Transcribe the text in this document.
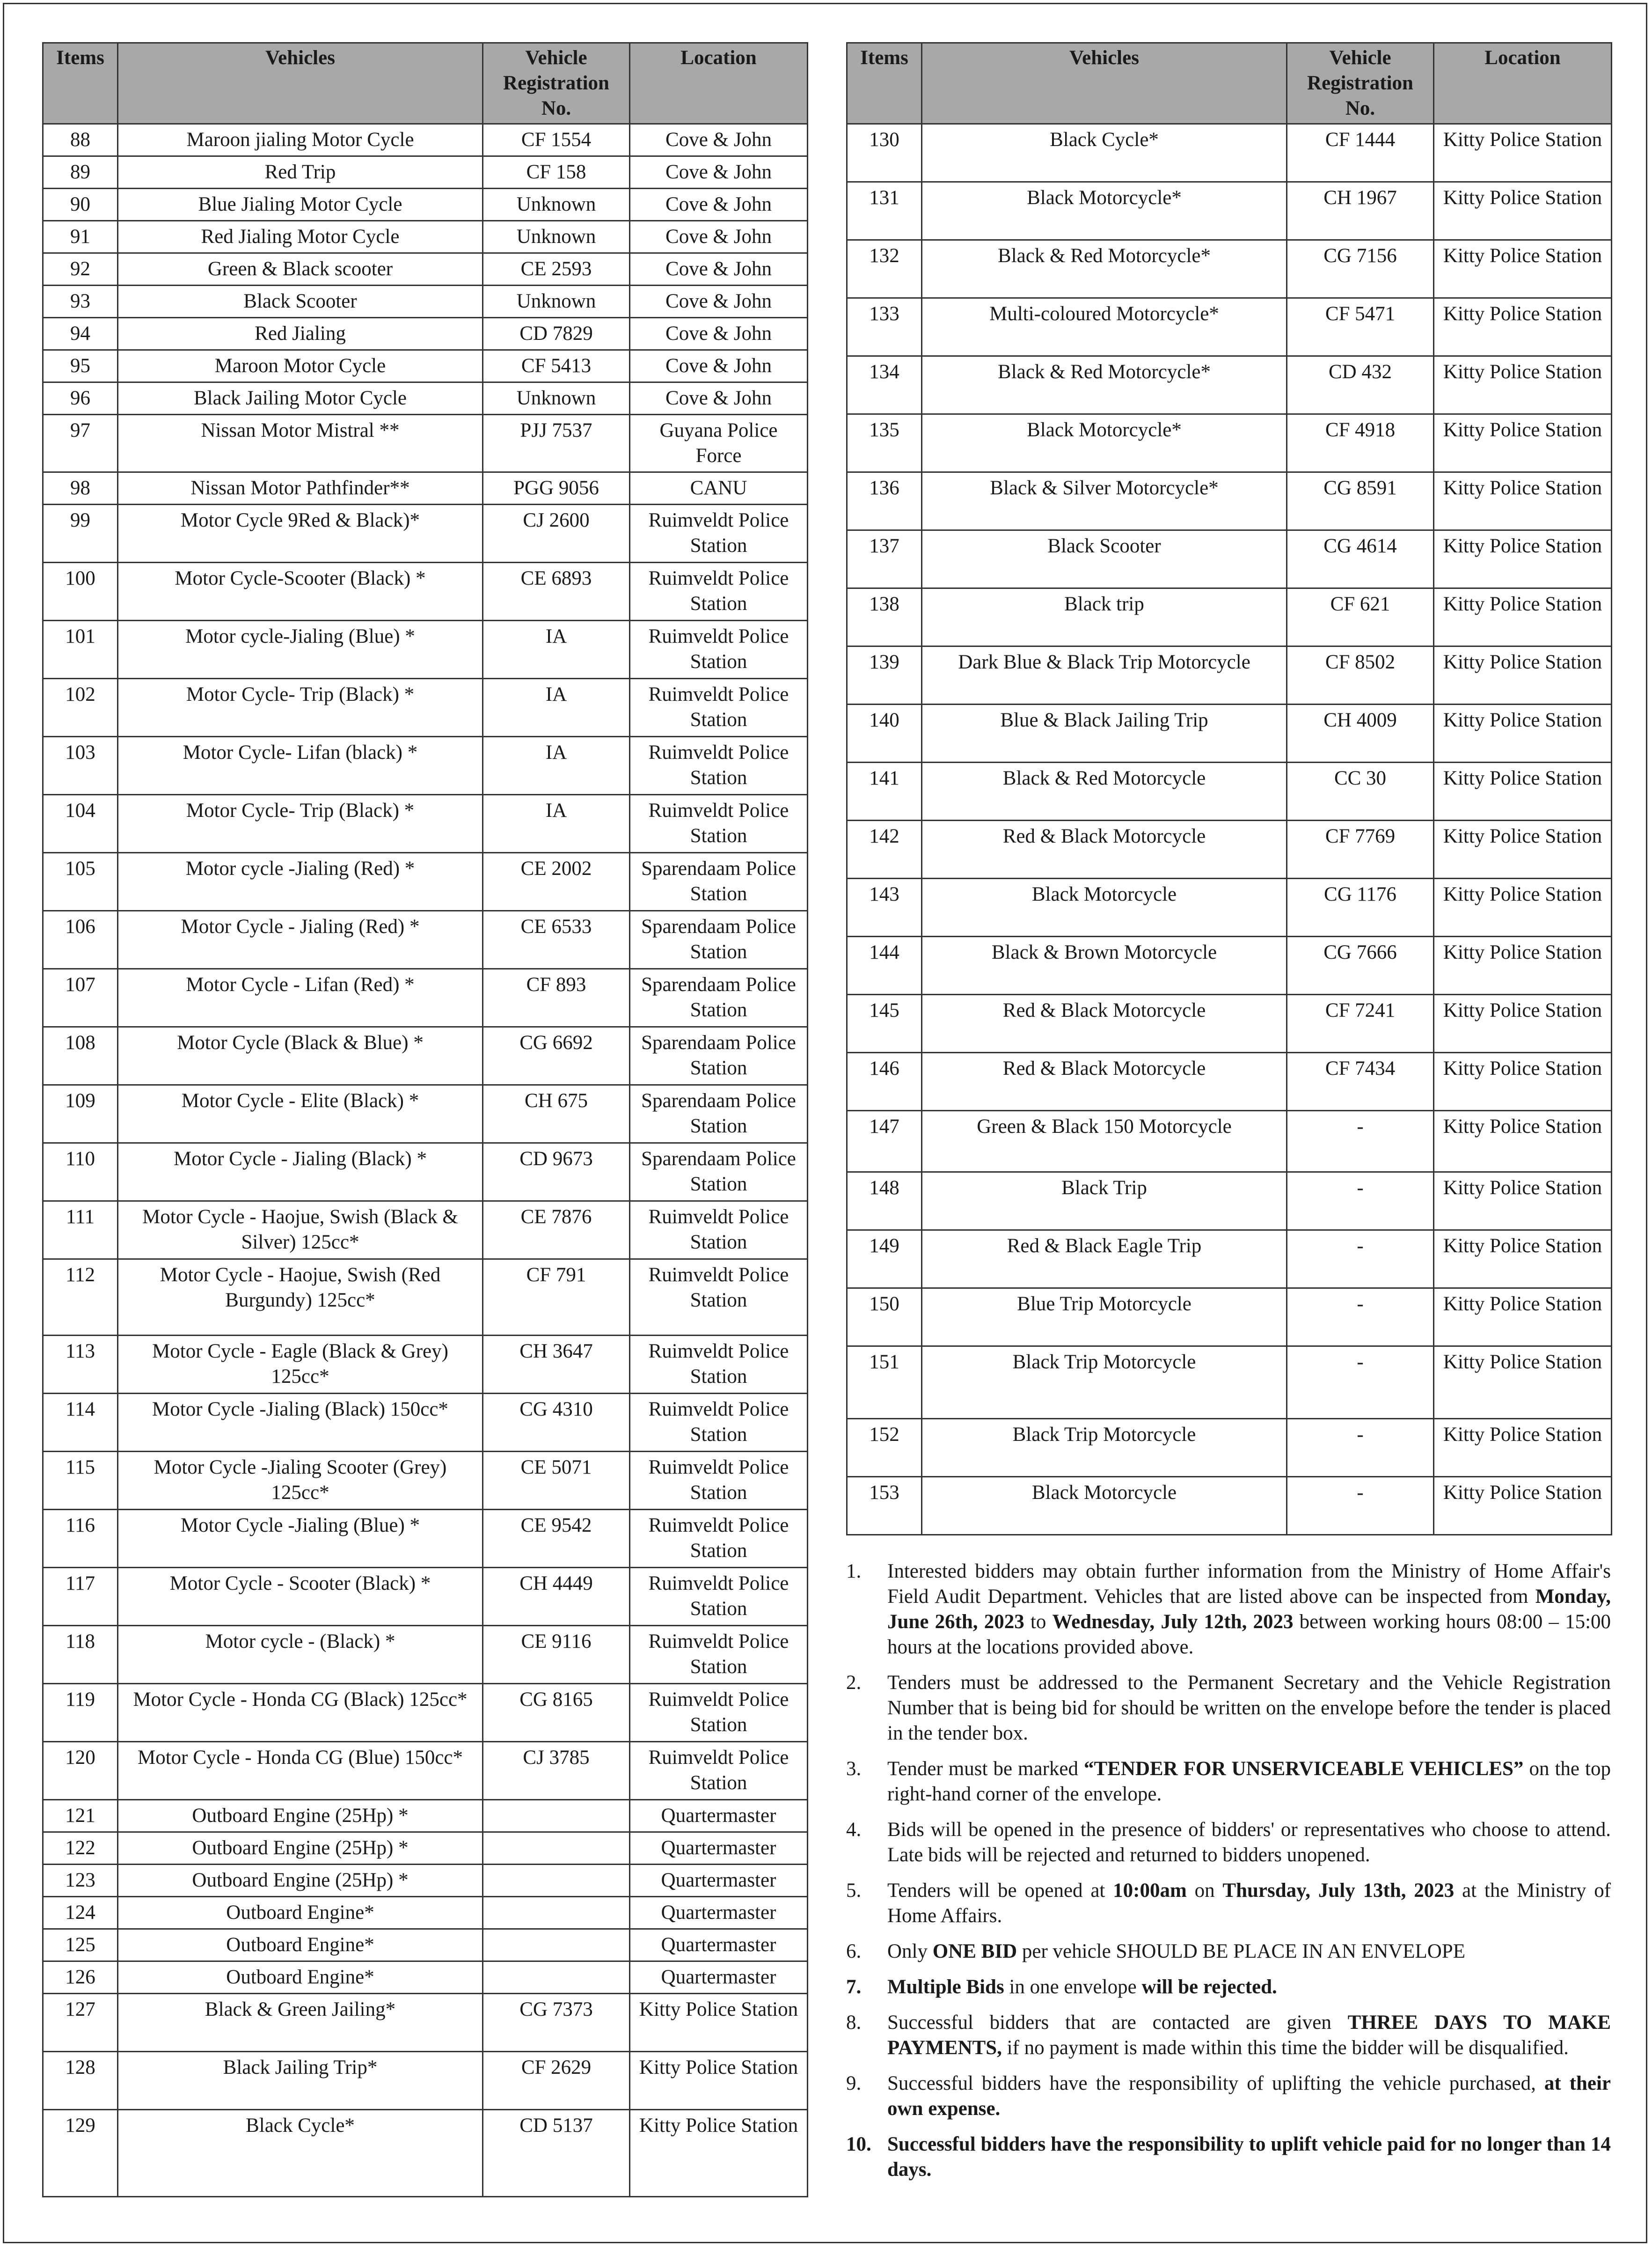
Items	Vehicles	Vehicle Registration No.	Location
88	Maroon jialing Motor Cycle	CF 1554	Cove & John
89	Red Trip	CF 158	Cove & John
90	Blue Jialing Motor Cycle	Unknown	Cove & John
91	Red Jialing Motor Cycle	Unknown	Cove & John
92	Green & Black scooter	CE 2593	Cove & John
93	Black Scooter	Unknown	Cove & John
94	Red Jialing	CD 7829	Cove & John
95	Maroon Motor Cycle	CF 5413	Cove & John
96	Black Jailing Motor Cycle	Unknown	Cove & John
97	Nissan Motor Mistral **	PJJ 7537	Guyana Police Force
98	Nissan Motor Pathfinder**	PGG 9056	CANU
99	Motor Cycle 9Red & Black)*	CJ 2600	Ruimveldt Police Station
100	Motor Cycle-Scooter (Black) *	CE 6893	Ruimveldt Police Station
101	Motor cycle-Jialing (Blue) *	IA	Ruimveldt Police Station
102	Motor Cycle- Trip (Black) *	IA	Ruimveldt Police Station
103	Motor Cycle- Lifan (black) *	IA	Ruimveldt Police Station
104	Motor Cycle- Trip (Black) *	IA	Ruimveldt Police Station
105	Motor cycle -Jialing (Red) *	CE 2002	Sparendaam Police Station
106	Motor Cycle - Jialing (Red) *	CE 6533	Sparendaam Police Station
107	Motor Cycle - Lifan (Red) *	CF 893	Sparendaam Police Station
108	Motor Cycle (Black & Blue) *	CG 6692	Sparendaam Police Station
109	Motor Cycle - Elite (Black) *	CH 675	Sparendaam Police Station
110	Motor Cycle - Jialing (Black) *	CD 9673	Sparendaam Police Station
111	Motor Cycle - Haojue, Swish (Black & Silver) 125cc*	CE 7876	Ruimveldt Police Station
112	Motor Cycle - Haojue, Swish (Red Burgundy) 125cc*	CF 791	Ruimveldt Police Station
113	Motor Cycle - Eagle (Black & Grey) 125cc*	CH 3647	Ruimveldt Police Station
114	Motor Cycle -Jialing (Black) 150cc*	CG 4310	Ruimveldt Police Station
115	Motor Cycle -Jialing Scooter (Grey) 125cc*	CE 5071	Ruimveldt Police Station
116	Motor Cycle -Jialing (Blue) *	CE 9542	Ruimveldt Police Station
117	Motor Cycle - Scooter (Black) *	CH 4449	Ruimveldt Police Station
118	Motor cycle - (Black) *	CE 9116	Ruimveldt Police Station
119	Motor Cycle - Honda CG (Black) 125cc*	CG 8165	Ruimveldt Police Station
120	Motor Cycle - Honda CG (Blue) 150cc*	CJ 3785	Ruimveldt Police Station
121	Outboard Engine (25Hp) *		Quartermaster
122	Outboard Engine (25Hp) *		Quartermaster
123	Outboard Engine (25Hp) *		Quartermaster
124	Outboard Engine*		Quartermaster
125	Outboard Engine*		Quartermaster
126	Outboard Engine*		Quartermaster
127	Black & Green Jailing*	CG 7373	Kitty Police Station
128	Black Jailing Trip*	CF 2629	Kitty Police Station
129	Black Cycle*	CD 5137	Kitty Police Station
Items	Vehicles	Vehicle Registration No.	Location
130	Black Cycle*	CF 1444	Kitty Police Station
131	Black Motorcycle*	CH 1967	Kitty Police Station
132	Black & Red Motorcycle*	CG 7156	Kitty Police Station
133	Multi-coloured Motorcycle*	CF 5471	Kitty Police Station
134	Black & Red Motorcycle*	CD 432	Kitty Police Station
135	Black Motorcycle*	CF 4918	Kitty Police Station
136	Black & Silver Motorcycle*	CG 8591	Kitty Police Station
137	Black Scooter	CG 4614	Kitty Police Station
138	Black trip	CF 621	Kitty Police Station
139	Dark Blue & Black Trip Motorcycle	CF 8502	Kitty Police Station
140	Blue & Black Jailing Trip	CH 4009	Kitty Police Station
141	Black & Red Motorcycle	CC 30	Kitty Police Station
142	Red & Black Motorcycle	CF 7769	Kitty Police Station
143	Black Motorcycle	CG 1176	Kitty Police Station
144	Black & Brown Motorcycle	CG 7666	Kitty Police Station
145	Red & Black Motorcycle	CF 7241	Kitty Police Station
146	Red & Black Motorcycle	CF 7434	Kitty Police Station
147	Green & Black 150 Motorcycle	-	Kitty Police Station
148	Black Trip	-	Kitty Police Station
149	Red & Black Eagle Trip	-	Kitty Police Station
150	Blue Trip Motorcycle	-	Kitty Police Station
151	Black Trip Motorcycle	-	Kitty Police Station
152	Black Trip Motorcycle	-	Kitty Police Station
153	Black Motorcycle	-	Kitty Police Station
1.	Interested bidders may obtain further information from the Ministry of Home Affair's Field Audit Department. Vehicles that are listed above can be inspected from Monday, June 26th, 2023 to Wednesday, July 12th, 2023 between working hours 08:00 – 15:00 hours at the locations provided above.
2.	Tenders must be addressed to the Permanent Secretary and the Vehicle Registration Number that is being bid for should be written on the envelope before the tender is placed in the tender box.
3.	Tender must be marked “TENDER FOR UNSERVICEABLE VEHICLES” on the top right-hand corner of the envelope.
4.	Bids will be opened in the presence of bidders' or representatives who choose to attend. Late bids will be rejected and returned to bidders unopened.
5.	Tenders will be opened at 10:00am on Thursday, July 13th, 2023 at the Ministry of Home Affairs.
6.	Only ONE BID per vehicle SHOULD BE PLACE IN AN ENVELOPE
7.	Multiple Bids in one envelope will be rejected.
8.	Successful bidders that are contacted are given THREE DAYS TO MAKE PAYMENTS, if no payment is made within this time the bidder will be disqualified.
9.	Successful bidders have the responsibility of uplifting the vehicle purchased, at their own expense.
10. Successful bidders have the responsibility to uplift vehicle paid for no longer than 14 days.
